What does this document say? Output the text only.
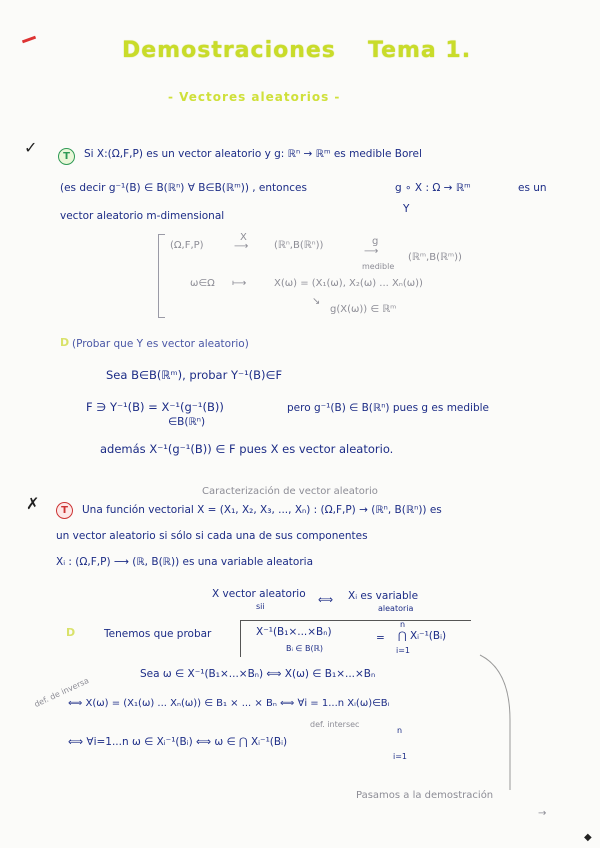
Demostraciones Tema 1.
- Vectores aleatorios -
✓	T	Si X:(Ω,F,P) es un vector aleatorio y g: ℝⁿ → ℝᵐ es medible Borel
(es decir g⁻¹(B) ∈ B(ℝⁿ) ∀ B∈B(ℝᵐ)) , entonces	g ∘ X : Ω → ℝᵐ
Y
es un
vector aleatorio m-dimensional
(Ω,F,P)
X
⟶	(ℝⁿ,B(ℝⁿ))	g
⟶
medible
(ℝᵐ,B(ℝᵐ))
ω∈Ω ⟼	X(ω) = (X₁(ω), X₂(ω) ... Xₙ(ω))
↘
g(X(ω)) ∈ ℝᵐ
D (Probar que Y es vector aleatorio)
Sea B∈B(ℝᵐ), probar Y⁻¹(B)∈F
F ∋ Y⁻¹(B) = X⁻¹(g⁻¹(B))	pero g⁻¹(B) ∈ B(ℝⁿ) pues g es medible
∈B(ℝⁿ)
además X⁻¹(g⁻¹(B)) ∈ F pues X es vector aleatorio.
Caracterización de vector aleatorio
✗	T	Una función vectorial X = (X₁, X₂, X₃, ..., Xₙ) : (Ω,F,P) → (ℝⁿ, B(ℝⁿ)) es
un vector aleatorio si sólo si cada una de sus componentes
Xᵢ : (Ω,F,P) ⟶ (ℝ, B(ℝ)) es una variable aleatoria
X vector aleatorio
sii
⟺ Xᵢ es variable
aleatoria
D	Tenemos que probar	X⁻¹(B₁×...×Bₙ)
Bᵢ ∈ B(ℝ)
=
n
⋂ Xᵢ⁻¹(Bᵢ)
i=1
Sea ω ∈ X⁻¹(B₁×...×Bₙ) ⟺ X(ω) ∈ B₁×...×Bₙ
def. de inversa
⟺ X(ω) = (X₁(ω) ... Xₙ(ω)) ∈ B₁ × ... × Bₙ ⟺ ∀i = 1...n Xᵢ(ω)∈Bᵢ
def. intersec
⟺ ∀i=1...n ω ∈ Xᵢ⁻¹(Bᵢ) ⟺ ω ∈ ⋂ Xᵢ⁻¹(Bᵢ)
n
i=1
Pasamos a la demostración
→
◆
